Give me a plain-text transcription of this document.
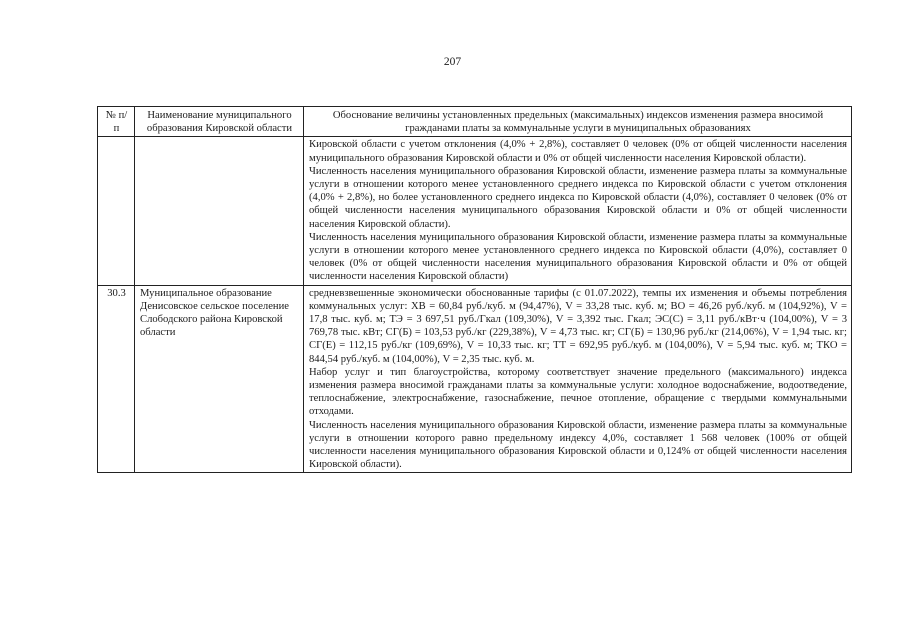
207
№ п/п	Наименование муниципального образования Кировской области	Обоснование величины установленных предельных (максимальных) индексов изменения размера вносимой гражданами платы за коммунальные услуги в муниципальных образованиях

		Кировской области с учетом отклонения (4,0% + 2,8%), составляет 0 человек (0% от общей численности населения муниципального образования Кировской области и 0% от общей численности населения Кировской области).

Численность населения муниципального образования Кировской области, изменение размера платы за коммунальные услуги в отношении которого менее установленного среднего индекса по Кировской области с учетом отклонения (4,0% + 2,8%), но более установленного среднего индекса по Кировской области (4,0%), составляет 0 человек (0% от общей численности населения муниципального образования Кировской области и 0% от общей численности населения Кировской области).

Численность населения муниципального образования Кировской области, изменение размера платы за коммунальные услуги в отношении которого менее установленного среднего индекса по Кировской области (4,0%), составляет 0 человек (0% от общей численности населения муниципального образования Кировской области и 0% от общей численности населения Кировской области)

30.3	Муниципальное образование Денисовское сельское поселение Слободского района Кировской области	средневзвешенные экономически обоснованные тарифы (с 01.07.2022), темпы их изменения и объемы потребления коммунальных услуг: ХВ = 60,84 руб./куб. м (94,47%), V = 33,28 тыс. куб. м; ВО = 46,26 руб./куб. м (104,92%), V = 17,8 тыс. куб. м; ТЭ = 3 697,51 руб./Гкал (109,30%), V = 3,392 тыс. Гкал; ЭС(С) = 3,11 руб./кВт·ч (104,00%), V = 3 769,78 тыс. кВт; СГ(Б) = 103,53 руб./кг (229,38%), V = 4,73 тыс. кг; СГ(Б) = 130,96 руб./кг (214,06%), V = 1,94 тыс. кг; СГ(Е) = 112,15 руб./кг (109,69%), V = 10,33 тыс. кг; ТТ = 692,95 руб./куб. м (104,00%), V = 5,94 тыс. куб. м; ТКО = 844,54 руб./куб. м (104,00%), V = 2,35 тыс. куб. м.

Набор услуг и тип благоустройства, которому соответствует значение предельного (максимального) индекса изменения размера вносимой гражданами платы за коммунальные услуги: холодное водоснабжение, водоотведение, теплоснабжение, электроснабжение, газоснабжение, печное отопление, обращение с твердыми коммунальными отходами.

Численность населения муниципального образования Кировской области, изменение размера платы за коммунальные услуги в отношении которого равно предельному индексу 4,0%, составляет 1 568 человек (100% от общей численности населения муниципального образования Кировской области и 0,124% от общей численности населения Кировской области).
